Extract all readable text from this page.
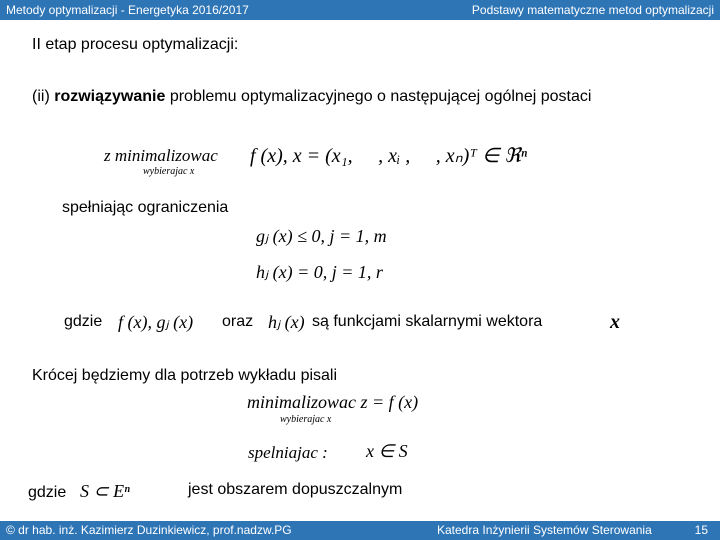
Metody optymalizacji - Energetyka 2016/2017	Podstawy matematyczne metod optymalizacji
II etap procesu optymalizacji:
(ii) rozwiązywanie problemu optymalizacyjnego o następującej ogólnej postaci
z minimalizowac
wybierajac x
f (x), x = (x₁, ⃞ , xᵢ , ⃞ , xₙ)ᵀ ∈ ℜⁿ
spełniając ograniczenia
gⱼ (x) ≤ 0, j = 1, m
hⱼ (x) = 0, j = 1, r
gdzie f (x), gⱼ (x) oraz hⱼ (x) są funkcjami skalarnymi wektora	x
Krócej będziemy dla potrzeb wykładu pisali
minimalizowac z = f (x)
wybierajac x
spelniajac : x ∈ S
gdzie S ⊂ Eⁿ	jest obszarem dopuszczalnym
© dr hab. inż. Kazimierz Duzinkiewicz, prof.nadzw.PG	Katedra Inżynierii Systemów Sterowania	15
